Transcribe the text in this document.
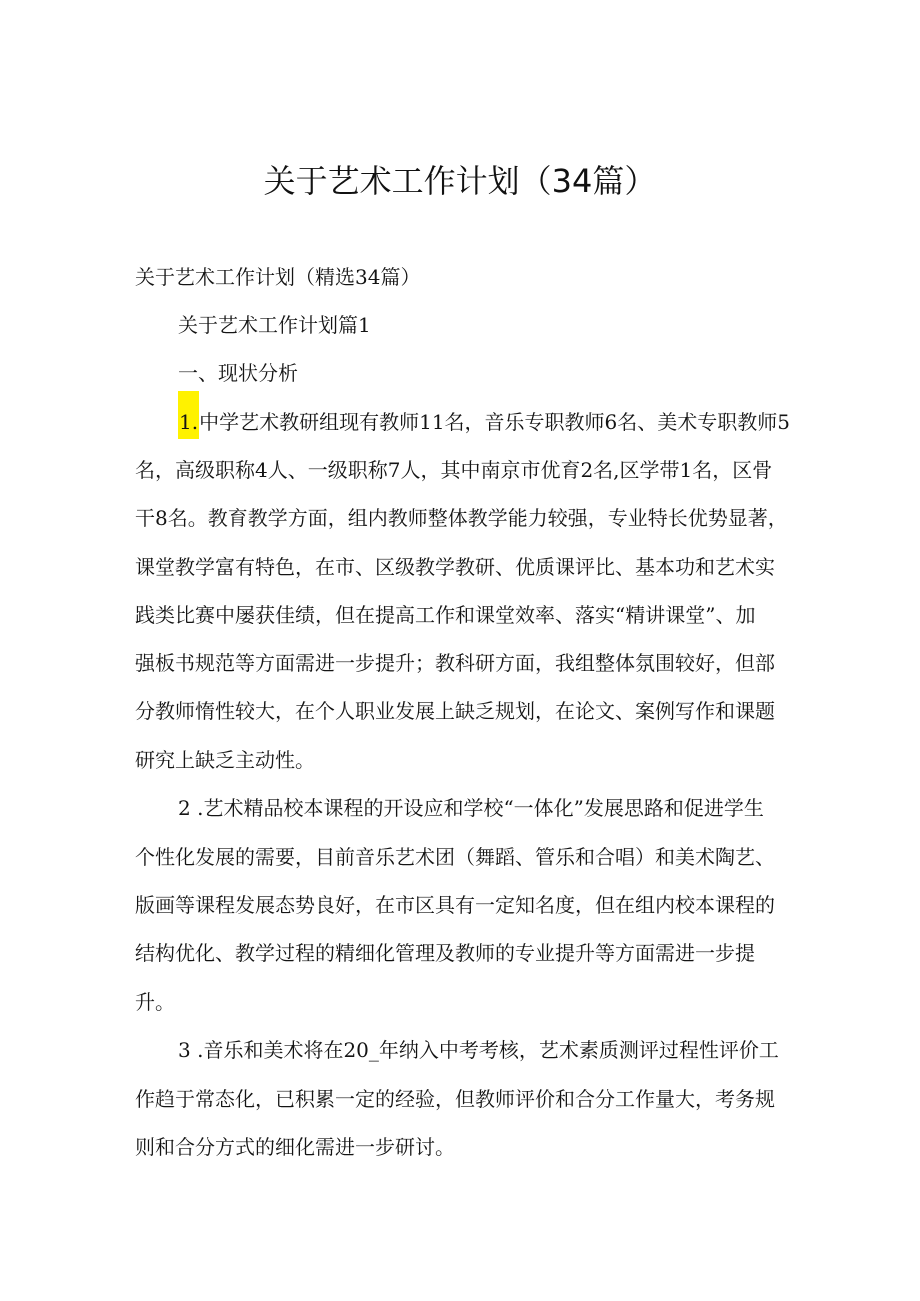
关于艺术工作计划（34篇）
关于艺术工作计划（精选34篇）
关于艺术工作计划篇1
一、现状分析
1.中学艺术教研组现有教师11名，音乐专职教师6名、美术专职教师5
名，高级职称4人、一级职称7人，其中南京市优育2名,区学带1名，区骨
干8名。教育教学方面，组内教师整体教学能力较强，专业特长优势显著，
课堂教学富有特色，在市、区级教学教研、优质课评比、基本功和艺术实
践类比赛中屡获佳绩，但在提高工作和课堂效率、落实“精讲课堂”、加
强板书规范等方面需进一步提升；教科研方面，我组整体氛围较好，但部
分教师惰性较大，在个人职业发展上缺乏规划，在论文、案例写作和课题
研究上缺乏主动性。
2 .艺术精品校本课程的开设应和学校“一体化”发展思路和促进学生
个性化发展的需要，目前音乐艺术团（舞蹈、管乐和合唱）和美术陶艺、
版画等课程发展态势良好，在市区具有一定知名度，但在组内校本课程的
结构优化、教学过程的精细化管理及教师的专业提升等方面需进一步提
升。
3 .音乐和美术将在20_年纳入中考考核，艺术素质测评过程性评价工
作趋于常态化，已积累一定的经验，但教师评价和合分工作量大，考务规
则和合分方式的细化需进一步研讨。
